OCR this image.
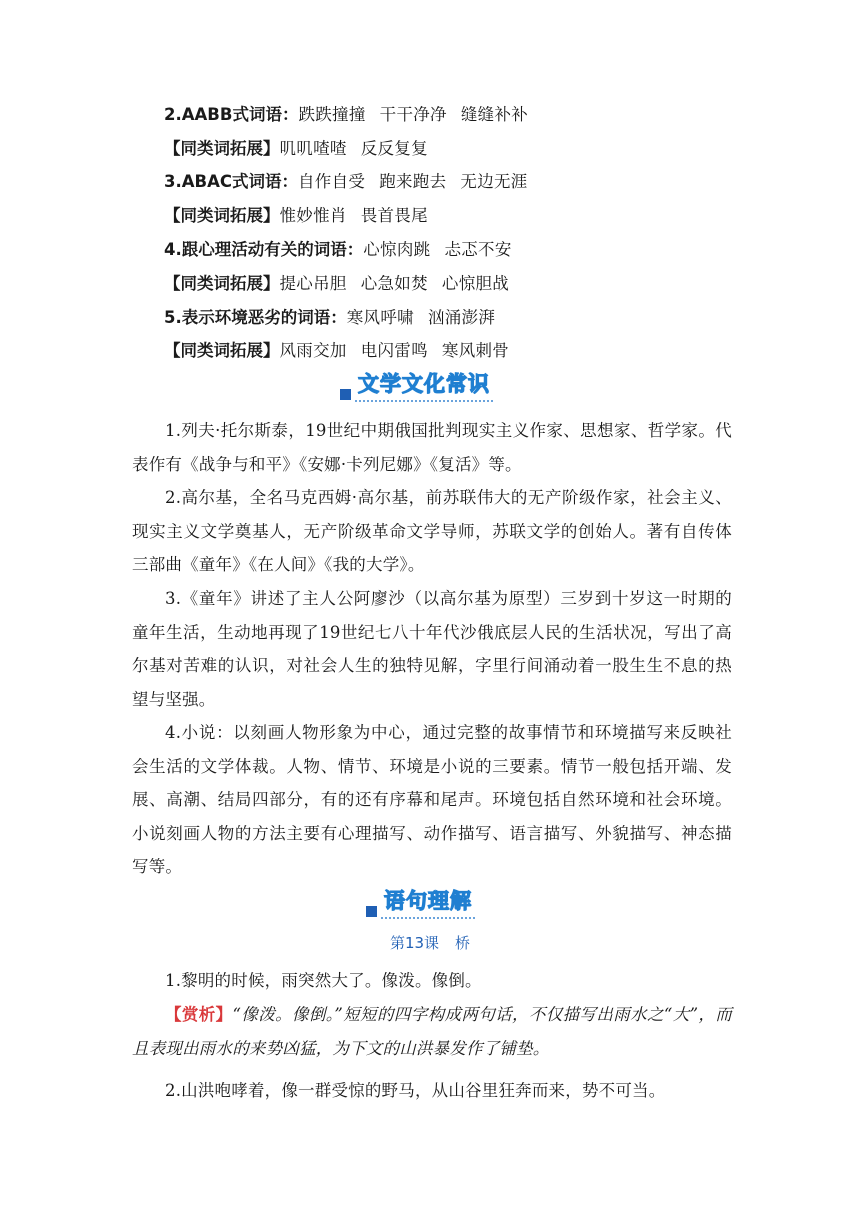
2.AABB式词语：跌跌撞撞 干干净净 缝缝补补
【同类词拓展】叽叽喳喳 反反复复
3.ABAC式词语：自作自受 跑来跑去 无边无涯
【同类词拓展】惟妙惟肖 畏首畏尾
4.跟心理活动有关的词语：心惊肉跳 忐忑不安
【同类词拓展】提心吊胆 心急如焚 心惊胆战
5.表示环境恶劣的词语：寒风呼啸 汹涌澎湃
【同类词拓展】风雨交加 电闪雷鸣 寒风刺骨
文学文化常识
1.列夫·托尔斯泰，19世纪中期俄国批判现实主义作家、思想家、哲学家。代表作有《战争与和平》《安娜·卡列尼娜》《复活》等。
2.高尔基，全名马克西姆·高尔基，前苏联伟大的无产阶级作家，社会主义、现实主义文学奠基人，无产阶级革命文学导师，苏联文学的创始人。著有自传体三部曲《童年》《在人间》《我的大学》。
3.《童年》讲述了主人公阿廖沙（以高尔基为原型）三岁到十岁这一时期的童年生活，生动地再现了19世纪七八十年代沙俄底层人民的生活状况，写出了高尔基对苦难的认识，对社会人生的独特见解，字里行间涌动着一股生生不息的热望与坚强。
4.小说：以刻画人物形象为中心，通过完整的故事情节和环境描写来反映社会生活的文学体裁。人物、情节、环境是小说的三要素。情节一般包括开端、发展、高潮、结局四部分，有的还有序幕和尾声。环境包括自然环境和社会环境。小说刻画人物的方法主要有心理描写、动作描写、语言描写、外貌描写、神态描写等。
语句理解
第13课 桥
1.黎明的时候，雨突然大了。像泼。像倒。
【赏析】“像泼。像倒。”短短的四字构成两句话，不仅描写出雨水之“大”，而且表现出雨水的来势凶猛，为下文的山洪暴发作了铺垫。
2.山洪咆哮着，像一群受惊的野马，从山谷里狂奔而来，势不可当。
